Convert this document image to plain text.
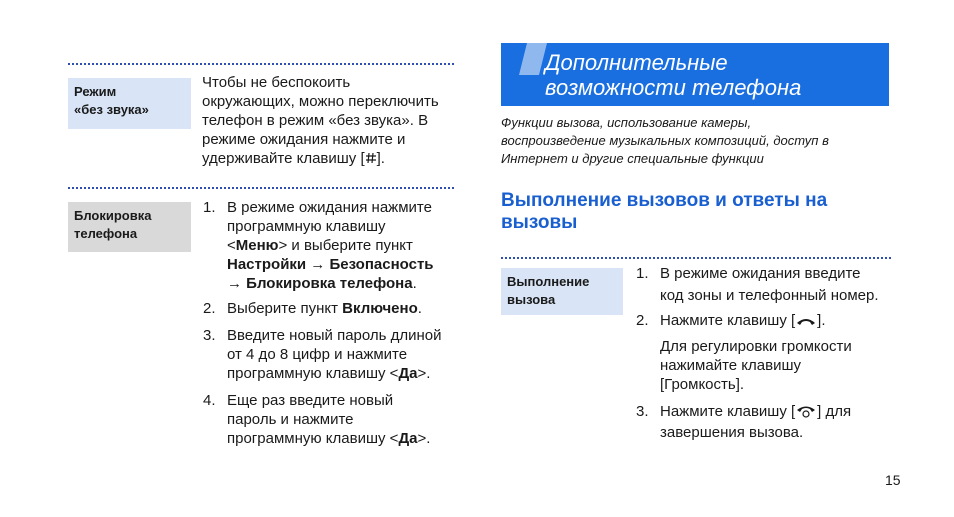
Режим
«без звука»
Чтобы не беспокоить
окружающих, можно переключить
телефон в режим «без звука». В
режиме ожидания нажмите и
удерживайте клавишу [ ].
Блокировка
телефона
1. В режиме ожидания нажмите
программную клавишу
<Меню> и выберите пункт
Настройки → Безопасность
→ Блокировка телефона.
2. Выберите пункт Включено.
3. Введите новый пароль длиной
от 4 до 8 цифр и нажмите
программную клавишу <Да>.
4. Еще раз введите новый
пароль и нажмите
программную клавишу <Да>.
Дополнительные
возможности телефона
Функции вызова, использование камеры,
воспроизведение музыкальных композиций, доступ в
Интернет и другие специальные функции
Выполнение вызовов и ответы на
вызовы
Выполнение
вызова
1. В режиме ожидания введите
код зоны и телефонный номер.
2. Нажмите клавишу [ ].
Для регулировки громкости
нажимайте клавишу
[Громкость].
3. Нажмите клавишу [ ] для
завершения вызова.
15
